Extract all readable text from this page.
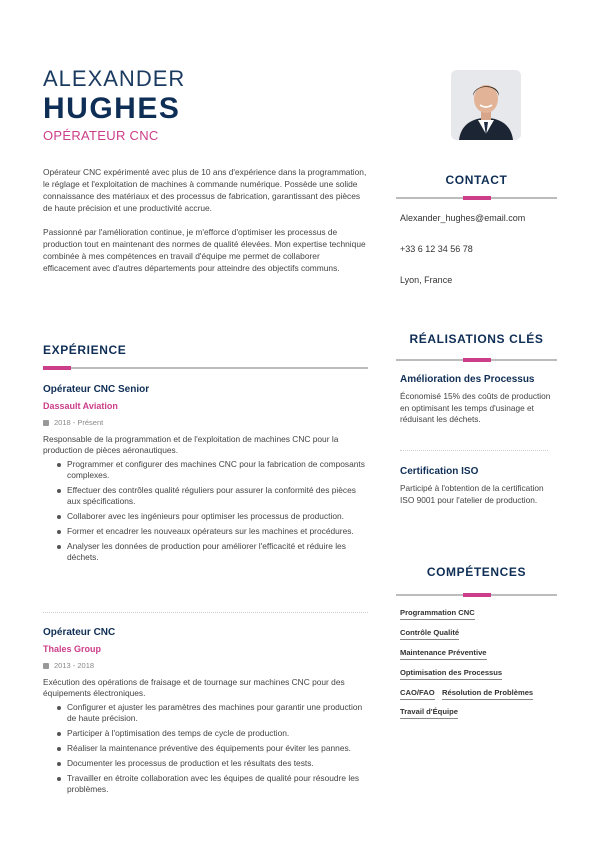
ALEXANDER
HUGHES
OPÉRATEUR CNC

Opérateur CNC expérimenté avec plus de 10 ans d'expérience dans la programmation, le réglage et l'exploitation de machines à commande numérique. Possède une solide connaissance des matériaux et des processus de fabrication, garantissant des pièces de haute précision et une productivité accrue.

Passionné par l'amélioration continue, je m'efforce d'optimiser les processus de production tout en maintenant des normes de qualité élevées. Mon expertise technique combinée à mes compétences en travail d'équipe me permet de collaborer efficacement avec d'autres départements pour atteindre des objectifs communs.

EXPÉRIENCE
Opérateur CNC Senior
Dassault Aviation
2018 - Présent
Responsable de la programmation et de l'exploitation de machines CNC pour la production de pièces aéronautiques.
Programmer et configurer des machines CNC pour la fabrication de composants complexes.
Effectuer des contrôles qualité réguliers pour assurer la conformité des pièces aux spécifications.
Collaborer avec les ingénieurs pour optimiser les processus de production.
Former et encadrer les nouveaux opérateurs sur les machines et procédures.
Analyser les données de production pour améliorer l'efficacité et réduire les déchets.
Opérateur CNC
Thales Group
2013 - 2018
Exécution des opérations de fraisage et de tournage sur machines CNC pour des équipements électroniques.
Configurer et ajuster les paramètres des machines pour garantir une production de haute précision.
Participer à l'optimisation des temps de cycle de production.
Réaliser la maintenance préventive des équipements pour éviter les pannes.
Documenter les processus de production et les résultats des tests.
Travailler en étroite collaboration avec les équipes de qualité pour résoudre les problèmes.
CONTACT
Alexander_hughes@email.com
+33 6 12 34 56 78
Lyon, France
RÉALISATIONS CLÉS
Amélioration des Processus
Économisé 15% des coûts de production en optimisant les temps d'usinage et réduisant les déchets.
Certification ISO
Participé à l'obtention de la certification ISO 9001 pour l'atelier de production.
COMPÉTENCES
Programmation CNC
Contrôle Qualité
Maintenance Préventive
Optimisation des Processus
CAO/FAO Résolution de Problèmes
Travail d'Équipe
